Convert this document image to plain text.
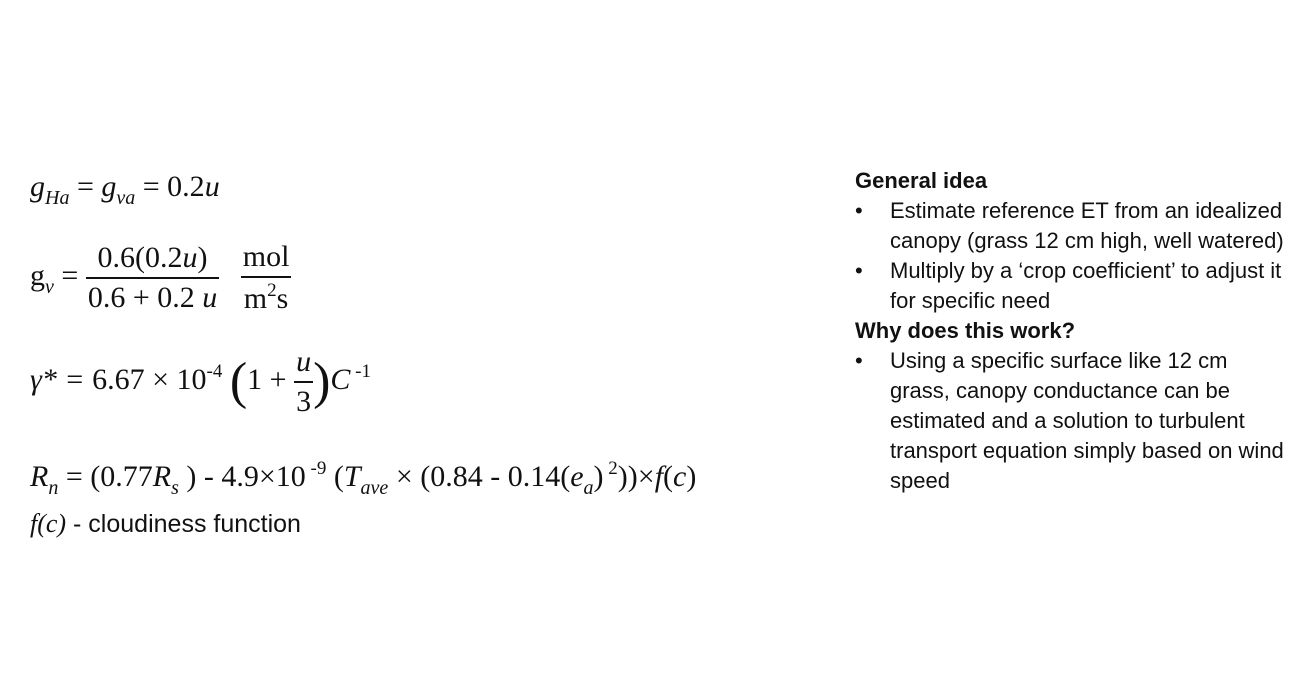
$g_{Ha} = g_{va} = 0.2u$
$g_v = \frac{0.6(0.2u)}{0.6 + 0.2 u}$
$\frac{\text{mol}}{m^2s}$
$\gamma* = 6.67 \times 10^{-4}$ $(1 + \frac{u}{3} )C$ $^{-1}$
$R_n = (0.77R_s$ ) - 4.9×10 $^{-9}$ ($T_{ave} \times (0.84 - 0.14(e_a)$ $^2$))×f(c)
f(c) - cloudiness function
General idea
• Estimate reference ET from an idealized canopy (grass 12 cm high, well watered)
• Multiply by a ‘crop coefficient’ to adjust it for specific need
Why does this work?
• Using a specific surface like 12 cm grass, canopy conductance can be estimated and a solution to turbulent transport equation simply based on wind speed
